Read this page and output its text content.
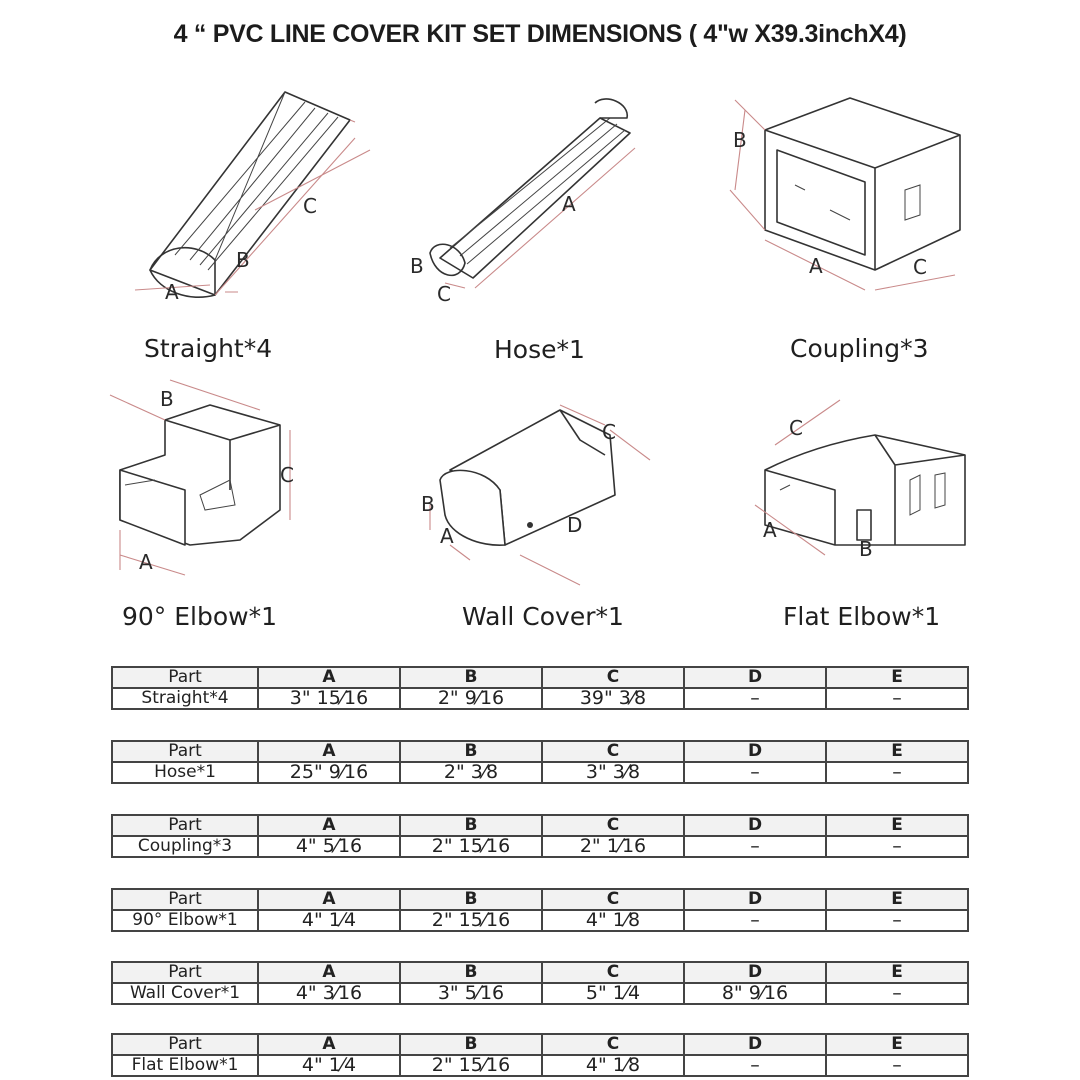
4 “ PVC LINE COVER KIT SET DIMENSIONS ( 4"w X39.3inchX4)
A
B
C
Straight*4
A
B
C
Hose*1
A
B
C
Coupling*3
A
B
C
90° Elbow*1
A
B
C
D
Wall Cover*1
A
B
C
Flat Elbow*1
Part	A	B	C	D	E
Straight*4	3" 15⁄16	2" 9⁄16	39" 3⁄8	–	–
Part	A	B	C	D	E
Hose*1	25" 9⁄16	2" 3⁄8	3" 3⁄8	–	–
Part	A	B	C	D	E
Coupling*3	4" 5⁄16	2" 15⁄16	2" 1⁄16	–	–
Part	A	B	C	D	E
90° Elbow*1	4" 1⁄4	2" 15⁄16	4" 1⁄8	–	–
Part	A	B	C	D	E
Wall Cover*1	4" 3⁄16	3" 5⁄16	5" 1⁄4	8" 9⁄16	–
Part	A	B	C	D	E
Flat Elbow*1	4" 1⁄4	2" 15⁄16	4" 1⁄8	–	–
